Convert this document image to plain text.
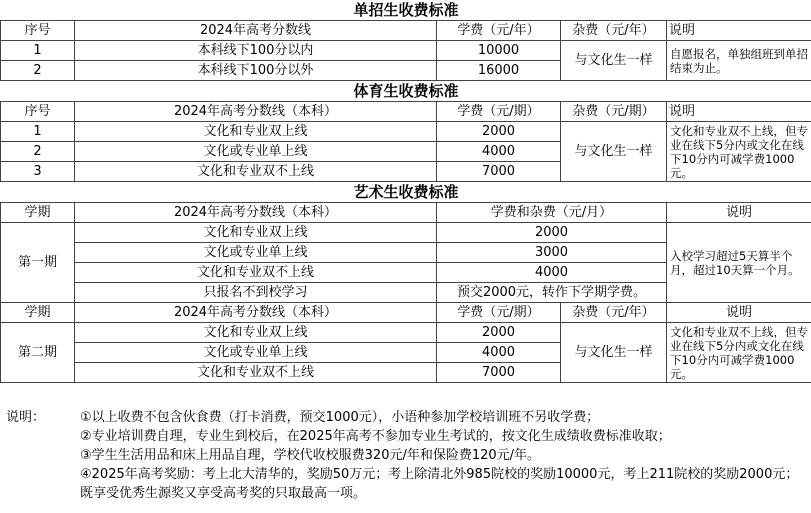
单招生收费标准				
序号	2024年高考分数线	学费（元/年）	杂费（元/年）	说明
1	本科线下100分以内	10000	与文化生一样	自愿报名，单独组班到单招结束为止。
2	本科线下100分以外	16000		
体育生收费标准				
序号	2024年高考分数线（本科）	学费（元/期）	杂费（元/期）	说明
1	文化和专业双上线	2000	与文化生一样	文化和专业双不上线，但专业在线下5分内或文化在线下10分内可减学费1000元。
2	文化或专业单上线	4000		
3	文化和专业双不上线	7000		
艺术生收费标准				
学期	2024年高考分数线（本科）	学费和杂费（元/月）		说明
第一期	文化和专业双上线	2000		入校学习超过5天算半个月，超过10天算一个月。
	文化或专业单上线	3000		
	文化和专业双不上线	4000		
	只报名不到校学习	预交2000元，转作下学期学费。		
学期	2024年高考分数线（本科）	学费（元/期）	杂费（元/年）	说明
第二期	文化和专业双上线	2000	与文化生一样	文化和专业双不上线，但专业在线下5分内或文化在线下10分内可减学费1000元。
	文化或专业单上线	4000		
	文化和专业双不上线	7000		
说明：	①以上收费不包含伙食费（打卡消费，预交1000元），小语种参加学校培训班不另收学费；
②专业培训费自理，专业生到校后，在2025年高考不参加专业生考试的，按文化生成绩收费标准收取；
③学生生活用品和床上用品自理，学校代收校服费320元/年和保险费120元/年。
④2025年高考奖励：考上北大清华的，奖励50万元；考上除清北外985院校的奖励10000元，考上211院校的奖励2000元；既享受优秀生源奖又享受高考奖的只取最高一项。
